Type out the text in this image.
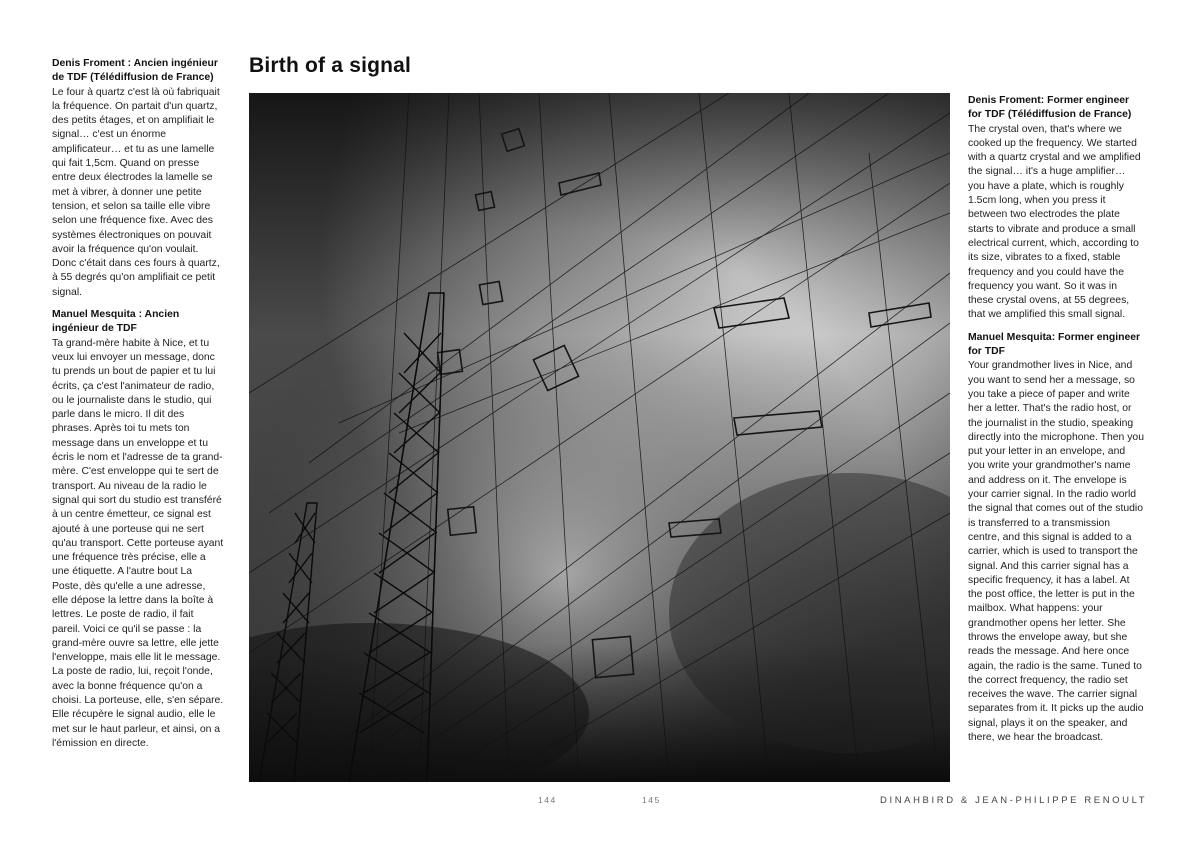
Denis Froment : Ancien ingénieur de TDF (Télédiffusion de France)

Le four à quartz c'est là où fabriquait la fréquence. On partait d'un quartz, des petits étages, et on amplifiait le signal… c'est un énorme amplificateur… et tu as une lamelle qui fait 1,5cm. Quand on presse entre deux électrodes la lamelle se met à vibrer, à donner une petite tension, et selon sa taille elle vibre selon une fréquence fixe. Avec des systèmes électroniques on pouvait avoir la fréquence qu'on voulait. Donc c'était dans ces fours à quartz, à 55 degrés qu'on amplifiait ce petit signal.

Manuel Mesquita : Ancien ingénieur de TDF

Ta grand-mère habite à Nice, et tu veux lui envoyer un message, donc tu prends un bout de papier et tu lui écrits, ça c'est l'animateur de radio, ou le journaliste dans le studio, qui parle dans le micro. Il dit des phrases. Après toi tu mets ton message dans un enveloppe et tu écris le nom et l'adresse de ta grand-mère. C'est enveloppe qui te sert de transport. Au niveau de la radio le signal qui sort du studio est transféré à un centre émetteur, ce signal est ajouté à une porteuse qui ne sert qu'au transport. Cette porteuse ayant une fréquence très précise, elle a une étiquette. A l'autre bout La Poste, dès qu'elle a une adresse, elle dépose la lettre dans la boîte à lettres. Le poste de radio, il fait pareil. Voici ce qu'il se passe : la grand-mère ouvre sa lettre, elle jette l'enveloppe, mais elle lit le message. La poste de radio, lui, reçoit l'onde, avec la bonne fréquence qu'on a choisi. La porteuse, elle, s'en sépare. Elle récupère le signal audio, elle le met sur le haut parleur, et ainsi, on a l'émission en directe.

Birth of a signal
Denis Froment: Former engineer for TDF (Télédiffusion de France)

The crystal oven, that's where we cooked up the frequency. We started with a quartz crystal and we amplified the signal… it's a huge amplifier… you have a plate, which is roughly 1.5cm long, when you press it between two electrodes the plate starts to vibrate and produce a small electrical current, which, according to its size, vibrates to a fixed, stable frequency and you could have the frequency you want. So it was in these crystal ovens, at 55 degrees, that we amplified this small signal.

Manuel Mesquita: Former engineer for TDF

Your grandmother lives in Nice, and you want to send her a message, so you take a piece of paper and write her a letter. That's the radio host, or the journalist in the studio, speaking directly into the microphone. Then you put your letter in an envelope, and you write your grandmother's name and address on it. The envelope is your carrier signal. In the radio world the signal that comes out of the studio is transferred to a transmission centre, and this signal is added to a carrier, which is used to transport the signal. And this carrier signal has a specific frequency, it has a label. At the post office, the letter is put in the mailbox. What happens: your grandmother opens her letter. She throws the envelope away, but she reads the message. And here once again, the radio is the same. Tuned to the correct frequency, the radio set receives the wave. The carrier signal separates from it. It picks up the audio signal, plays it on the speaker, and there, we hear the broadcast.

144	145	DINAHBIRD & JEAN-PHILIPPE RENOULT
